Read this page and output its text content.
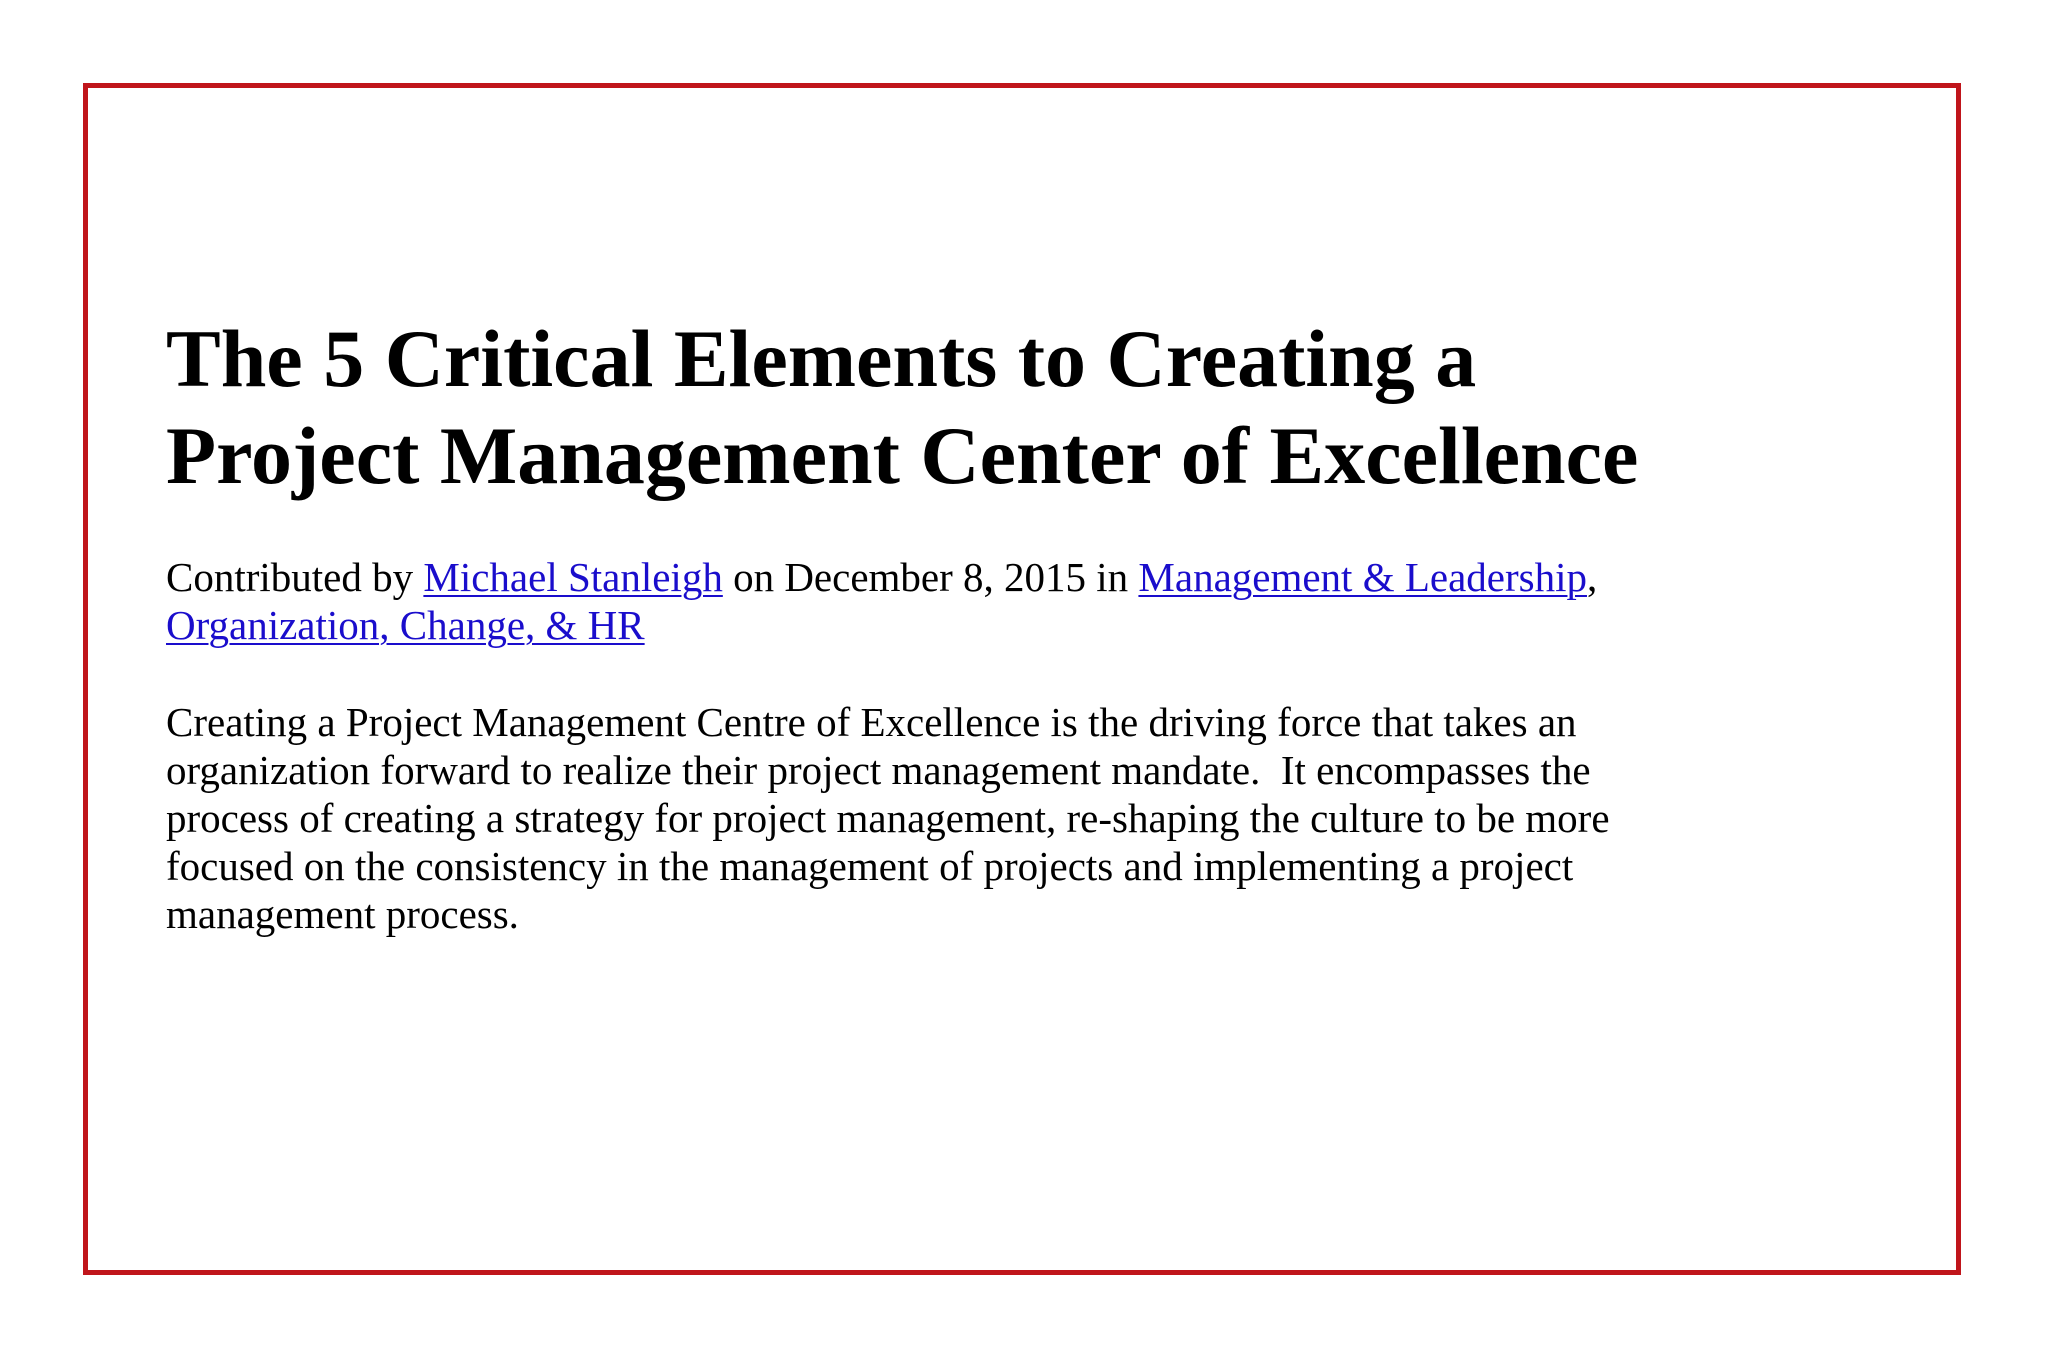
The 5 Critical Elements to Creating a
Project Management Center of Excellence

Contributed by Michael Stanleigh on December 8, 2015 in Management & Leadership,
Organization, Change, & HR

Creating a Project Management Centre of Excellence is the driving force that takes an
organization forward to realize their project management mandate.  It encompasses the
process of creating a strategy for project management, re-shaping the culture to be more
focused on the consistency in the management of projects and implementing a project
management process.
